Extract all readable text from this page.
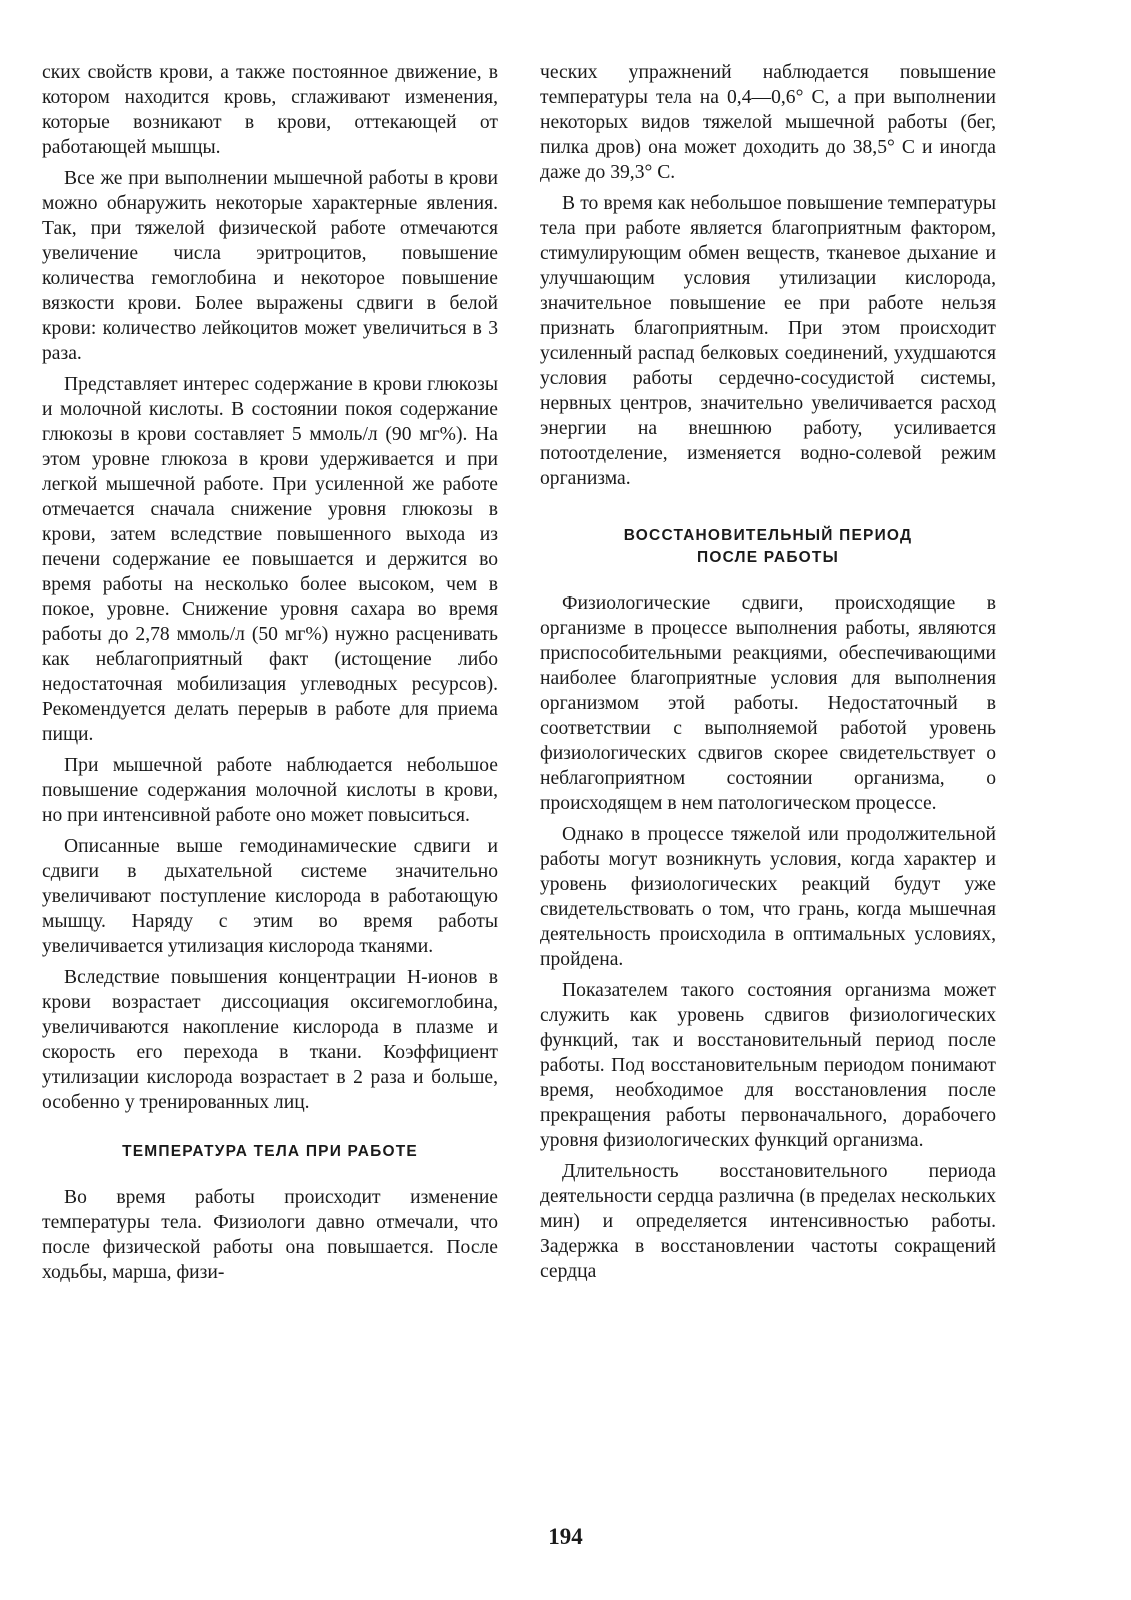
ских свойств крови, а также постоянное движение, в котором находится кровь, сглаживают изменения, которые возникают в крови, оттекающей от работающей мышцы.

Все же при выполнении мышечной работы в крови можно обнаружить некоторые характерные явления. Так, при тяжелой физической работе отмечаются увеличение числа эритроцитов, повышение количества гемоглобина и некоторое повышение вязкости крови. Более выражены сдвиги в белой крови: количество лейкоцитов может увеличиться в 3 раза.

Представляет интерес содержание в крови глюкозы и молочной кислоты. В состоянии покоя содержание глюкозы в крови составляет 5 ммоль/л (90 мг%). На этом уровне глюкоза в крови удерживается и при легкой мышечной работе. При усиленной же работе отмечается сначала снижение уровня глюкозы в крови, затем вследствие повышенного выхода из печени содержание ее повышается и держится во время работы на несколько более высоком, чем в покое, уровне. Снижение уровня сахара во время работы до 2,78 ммоль/л (50 мг%) нужно расценивать как неблагоприятный факт (истощение либо недостаточная мобилизация углеводных ресурсов). Рекомендуется делать перерыв в работе для приема пищи.

При мышечной работе наблюдается небольшое повышение содержания молочной кислоты в крови, но при интенсивной работе оно может повыситься.

Описанные выше гемодинамические сдвиги и сдвиги в дыхательной системе значительно увеличивают поступление кислорода в работающую мышцу. Наряду с этим во время работы увеличивается утилизация кислорода тканями.

Вследствие повышения концентрации Н-ионов в крови возрастает диссоциация оксигемоглобина, увеличиваются накопление кислорода в плазме и скорость его перехода в ткани. Коэффициент утилизации кислорода возрастает в 2 раза и больше, особенно у тренированных лиц.

ТЕМПЕРАТУРА ТЕЛА ПРИ РАБОТЕ

Во время работы происходит изменение температуры тела. Физиологи давно отмечали, что после физической работы она повышается. После ходьбы, марша, физи-

ческих упражнений наблюдается повышение температуры тела на 0,4—0,6° С, а при выполнении некоторых видов тяжелой мышечной работы (бег, пилка дров) она может доходить до 38,5° С и иногда даже до 39,3° С.

В то время как небольшое повышение температуры тела при работе является благоприятным фактором, стимулирующим обмен веществ, тканевое дыхание и улучшающим условия утилизации кислорода, значительное повышение ее при работе нельзя признать благоприятным. При этом происходит усиленный распад белковых соединений, ухудшаются условия работы сердечно-сосудистой системы, нервных центров, значительно увеличивается расход энергии на внешнюю работу, усиливается потоотделение, изменяется водно-солевой режим организма.

ВОССТАНОВИТЕЛЬНЫЙ ПЕРИОД ПОСЛЕ РАБОТЫ

Физиологические сдвиги, происходящие в организме в процессе выполнения работы, являются приспособительными реакциями, обеспечивающими наиболее благоприятные условия для выполнения организмом этой работы. Недостаточный в соответствии с выполняемой работой уровень физиологических сдвигов скорее свидетельствует о неблагоприятном состоянии организма, о происходящем в нем патологическом процессе.

Однако в процессе тяжелой или продолжительной работы могут возникнуть условия, когда характер и уровень физиологических реакций будут уже свидетельствовать о том, что грань, когда мышечная деятельность происходила в оптимальных условиях, пройдена.

Показателем такого состояния организма может служить как уровень сдвигов физиологических функций, так и восстановительный период после работы. Под восстановительным периодом понимают время, необходимое для восстановления после прекращения работы первоначального, дорабочего уровня физиологических функций организма.

Длительность восстановительного периода деятельности сердца различна (в пределах нескольких мин) и определяется интенсивностью работы. Задержка в восстановлении частоты сокращений сердца

194
